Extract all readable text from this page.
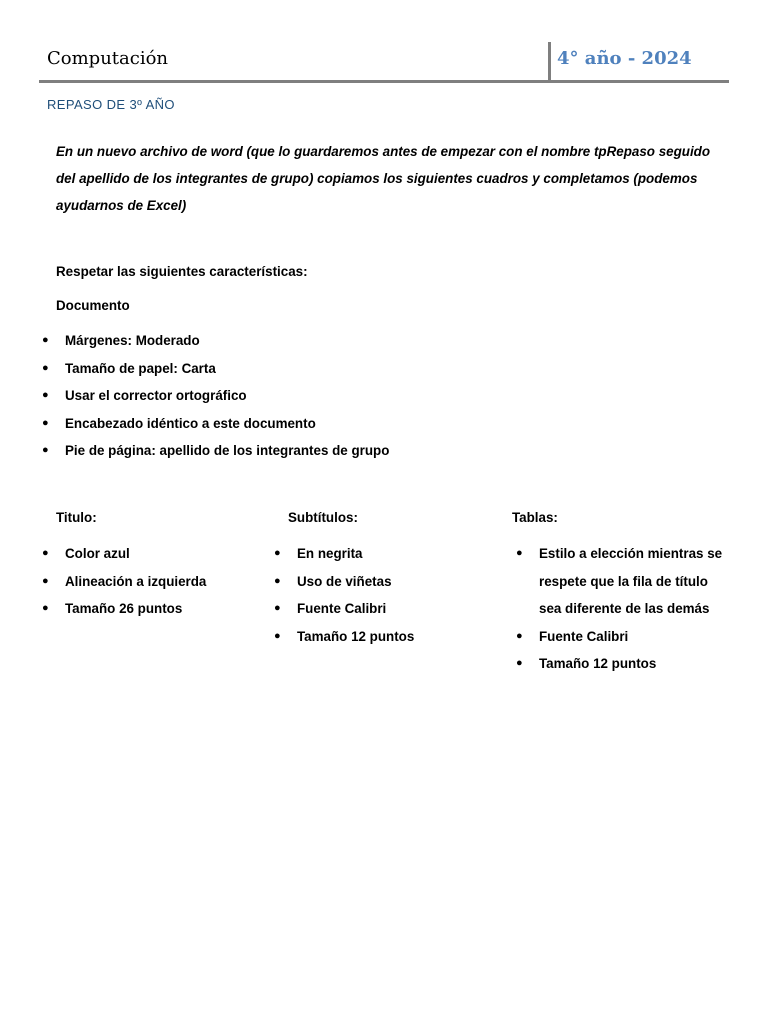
Computación	4° año - 2024
REPASO DE 3º AÑO
En un nuevo archivo de word (que lo guardaremos antes de empezar con el nombre tpRepaso seguido del apellido de los integrantes de grupo) copiamos los siguientes cuadros y completamos (podemos ayudarnos de Excel)
Respetar las siguientes características:
Documento
● Márgenes: Moderado
● Tamaño de papel: Carta
● Usar el corrector ortográfico
● Encabezado idéntico a este documento
● Pie de página: apellido de los integrantes de grupo
Titulo:	Subtítulos:	Tablas:
● Color azul
● Alineación a izquierda
● Tamaño 26 puntos
● En negrita
● Uso de viñetas
● Fuente Calibri
● Tamaño 12 puntos
● Estilo a elección mientras se respete que la fila de título sea diferente de las demás
● Fuente Calibri
● Tamaño 12 puntos
